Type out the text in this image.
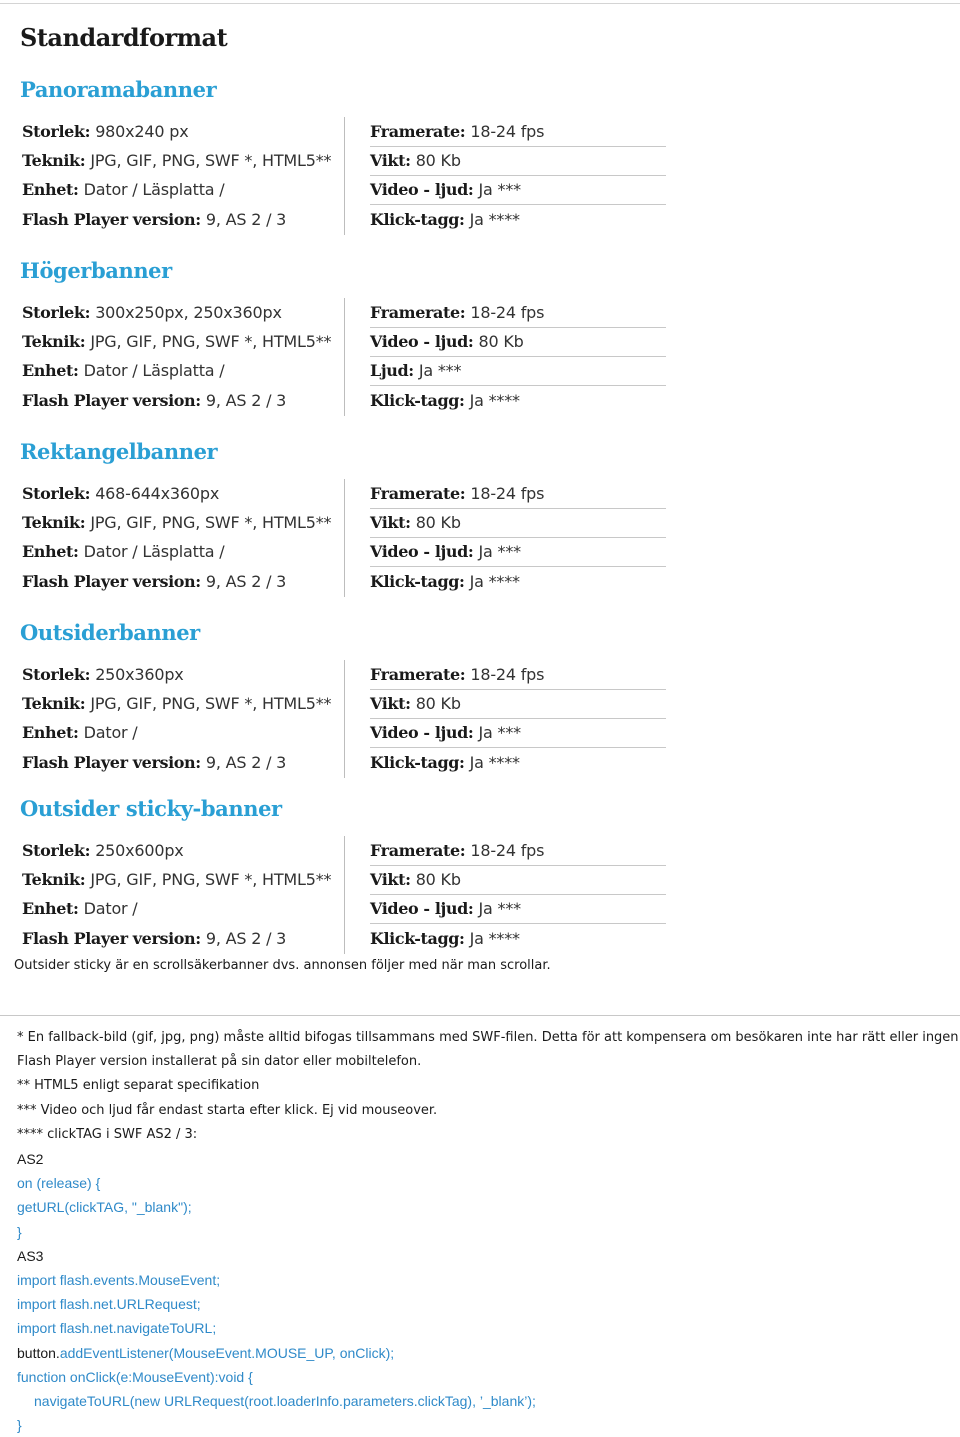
Standardformat
Panoramabanner
Storlek: 980x240 px
Teknik: JPG, GIF, PNG, SWF *, HTML5**
Enhet: Dator / Läsplatta /
Flash Player version: 9, AS 2 / 3
Framerate: 18-24 fps
Vikt: 80 Kb
Video - ljud: Ja ***
Klick-tagg: Ja ****
Högerbanner
Storlek: 300x250px, 250x360px
Teknik: JPG, GIF, PNG, SWF *, HTML5**
Enhet: Dator / Läsplatta /
Flash Player version: 9, AS 2 / 3
Framerate: 18-24 fps
Video - ljud: 80 Kb
Ljud: Ja ***
Klick-tagg: Ja ****
Rektangelbanner
Storlek: 468-644x360px
Teknik: JPG, GIF, PNG, SWF *, HTML5**
Enhet: Dator / Läsplatta /
Flash Player version: 9, AS 2 / 3
Framerate: 18-24 fps
Vikt: 80 Kb
Video - ljud: Ja ***
Klick-tagg: Ja ****
Outsiderbanner
Storlek: 250x360px
Teknik: JPG, GIF, PNG, SWF *, HTML5**
Enhet: Dator /
Flash Player version: 9, AS 2 / 3
Framerate: 18-24 fps
Vikt: 80 Kb
Video - ljud: Ja ***
Klick-tagg: Ja ****
Outsider sticky-banner
Storlek: 250x600px
Teknik: JPG, GIF, PNG, SWF *, HTML5**
Enhet: Dator /
Flash Player version: 9, AS 2 / 3
Framerate: 18-24 fps
Vikt: 80 Kb
Video - ljud: Ja ***
Klick-tagg: Ja ****

Outsider sticky är en scrollsäkerbanner dvs. annonsen följer med när man scrollar.

* En fallback-bild (gif, jpg, png) måste alltid bifogas tillsammans med SWF-filen. Detta för att kompensera om besökaren inte har rätt eller ingen

Flash Player version installerat på sin dator eller mobiltelefon.

** HTML5 enligt separat specifikation

*** Video och ljud får endast starta efter klick. Ej vid mouseover.

**** clickTAG i SWF AS2 / 3:

AS2

on (release) {

getURL(clickTAG, "_blank");

}

AS3

import flash.events.MouseEvent;

import flash.net.URLRequest;

import flash.net.navigateToURL;

button.addEventListener(MouseEvent.MOUSE_UP, onClick);

function onClick(e:MouseEvent):void {

navigateToURL(new URLRequest(root.loaderInfo.parameters.clickTag), ’_blank’);

}
